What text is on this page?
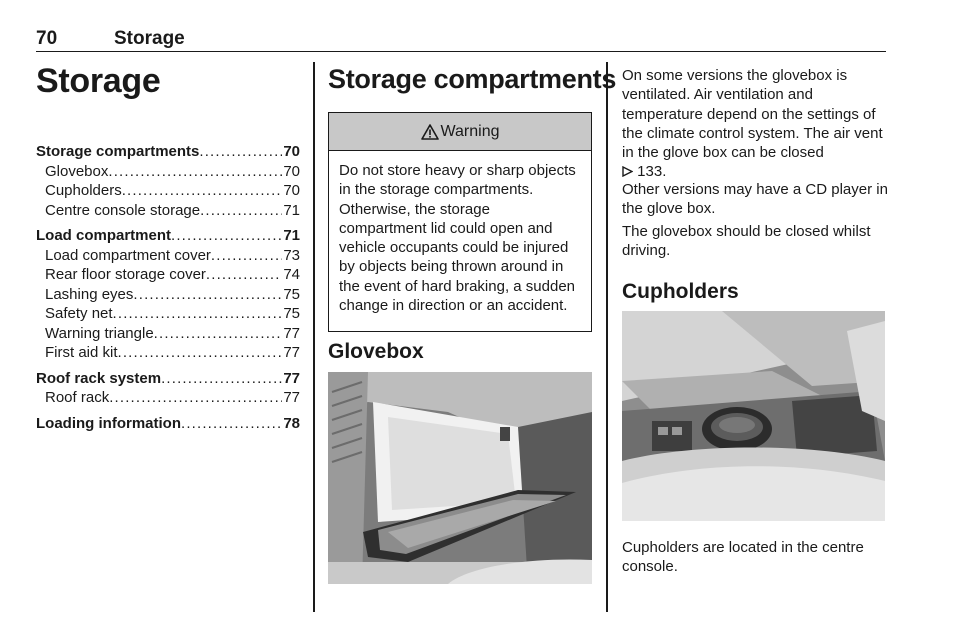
70	Storage
Storage
Storage compartments . . .	70
Glovebox . . .	70
Cupholders . . .	70
Centre console storage . . .	71
Load compartment . . .	71
Load compartment cover . . .	73
Rear floor storage cover . . .	74
Lashing eyes . . .	75
Safety net . . .	75
Warning triangle . . .	77
First aid kit . . .	77
Roof rack system . . .	77
Roof rack . . .	77
Loading information . . .	78
Storage compartments
Warning
Do not store heavy or sharp objects in the storage compartments. Otherwise, the storage compartment lid could open and vehicle occupants could be injured by objects being thrown around in the event of hard braking, a sudden change in direction or an accident.
Glovebox
On some versions the glovebox is ventilated. Air ventilation and temperature depend on the settings of the climate control system. The air vent in the glove box can be closed
133.
Other versions may have a CD player in the glove box.
The glovebox should be closed whilst driving.
Cupholders
Cupholders are located in the centre console.
